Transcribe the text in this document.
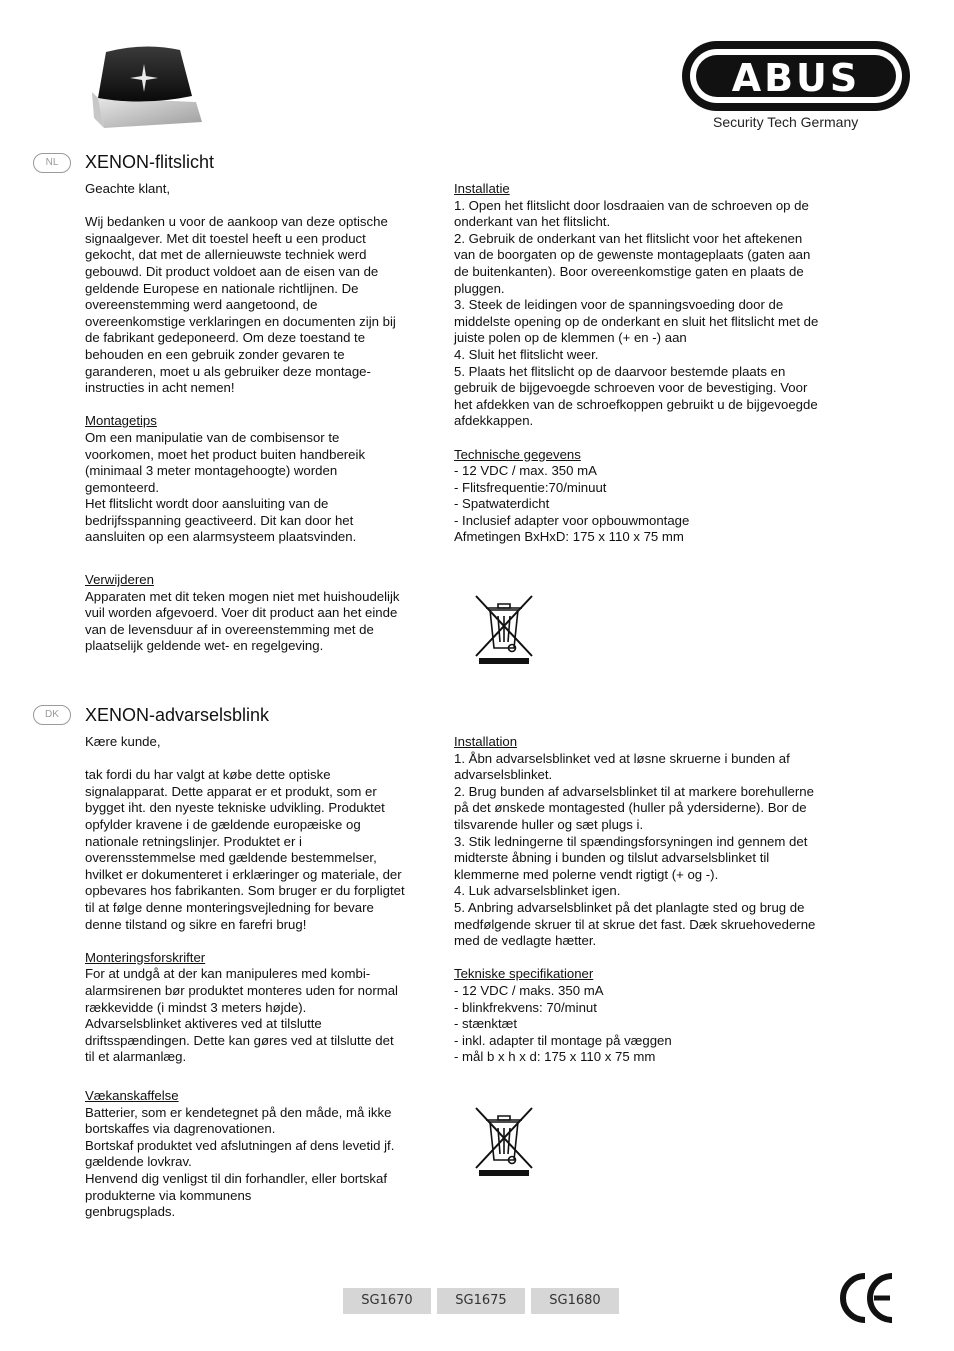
ABUS
Security Tech Germany
NL	XENON-flitslicht

Geachte klant,

Wij bedanken u voor de aankoop van deze optische
signaalgever. Met dit toestel heeft u een product
gekocht, dat met de allernieuwste techniek werd
gebouwd. Dit product voldoet aan de eisen van de
geldende Europese en nationale richtlijnen. De
overeenstemming werd aangetoond, de
overeenkomstige verklaringen en documenten zijn bij
de fabrikant gedeponeerd. Om deze toestand te
behouden en een gebruik zonder gevaren te
garanderen, moet u als gebruiker deze montage-
instructies in acht nemen!

Montagetips

Om een manipulatie van de combisensor te
voorkomen, moet het product buiten handbereik
(minimaal 3 meter montagehoogte) worden
gemonteerd.
Het flitslicht wordt door aansluiting van de
bedrijfsspanning geactiveerd. Dit kan door het
aansluiten op een alarmsysteem plaatsvinden.

Verwijderen

Apparaten met dit teken mogen niet met huishoudelijk
vuil worden afgevoerd. Voer dit product aan het einde
van de levensduur af in overeenstemming met de
plaatselijk geldende wet- en regelgeving.

Installatie

1. Open het flitslicht door losdraaien van de schroeven op de
onderkant van het flitslicht.
2. Gebruik de onderkant van het flitslicht voor het aftekenen
van de boorgaten op de gewenste montageplaats (gaten aan
de buitenkanten). Boor overeenkomstige gaten en plaats de
pluggen.
3. Steek de leidingen voor de spanningsvoeding door de
middelste opening op de onderkant en sluit het flitslicht met de
juiste polen op de klemmen (+ en -) aan
4. Sluit het flitslicht weer.
5. Plaats het flitslicht op de daarvoor bestemde plaats en
gebruik de bijgevoegde schroeven voor de bevestiging. Voor
het afdekken van de schroefkoppen gebruikt u de bijgevoegde
afdekkappen.

Technische gegevens

- 12 VDC / max. 350 mA
- Flitsfrequentie:70/minuut
- Spatwaterdicht
- Inclusief adapter voor opbouwmontage
Afmetingen BxHxD: 175 x 110 x 75 mm

DK	XENON-advarselsblink

Kære kunde,

tak fordi du har valgt at købe dette optiske
signalapparat. Dette apparat er et produkt, som er
bygget iht. den nyeste tekniske udvikling. Produktet
opfylder kravene i de gældende europæiske og
nationale retningslinjer. Produktet er i
overensstemmelse med gældende bestemmelser,
hvilket er dokumenteret i erklæringer og materiale, der
opbevares hos fabrikanten. Som bruger er du forpligtet
til at følge denne monteringsvejledning for bevare
denne tilstand og sikre en farefri brug!

Monteringsforskrifter

For at undgå at der kan manipuleres med kombi-
alarmsirenen bør produktet monteres uden for normal
rækkevidde (i mindst 3 meters højde).
Advarselsblinket aktiveres ved at tilslutte
driftsspændingen. Dette kan gøres ved at tilslutte det
til et alarmanlæg.

Vækanskaffelse

Batterier, som er kendetegnet på den måde, må ikke
bortskaffes via dagrenovationen.
Bortskaf produktet ved afslutningen af dens levetid jf.
gældende lovkrav.
Henvend dig venligst til din forhandler, eller bortskaf
produkterne via kommunens
genbrugsplads.

Installation

1. Åbn advarselsblinket ved at løsne skruerne i bunden af
advarselsblinket.
2. Brug bunden af advarselsblinket til at markere borehullerne
på det ønskede montagested (huller på ydersiderne). Bor de
tilsvarende huller og sæt plugs i.
3. Stik ledningerne til spændingsforsyningen ind gennem det
midterste åbning i bunden og tilslut advarselsblinket til
klemmerne med polerne vendt rigtigt (+ og -).
4. Luk advarselsblinket igen.
5. Anbring advarselsblinket på det planlagte sted og brug de
medfølgende skruer til at skrue det fast. Dæk skruehovederne
med de vedlagte hætter.

Tekniske specifikationer

- 12 VDC / maks. 350 mA
- blinkfrekvens: 70/minut
- stænktæt
- inkl. adapter til montage på væggen
- mål b x h x d: 175 x 110 x 75 mm

SG1670	SG1675	SG1680
